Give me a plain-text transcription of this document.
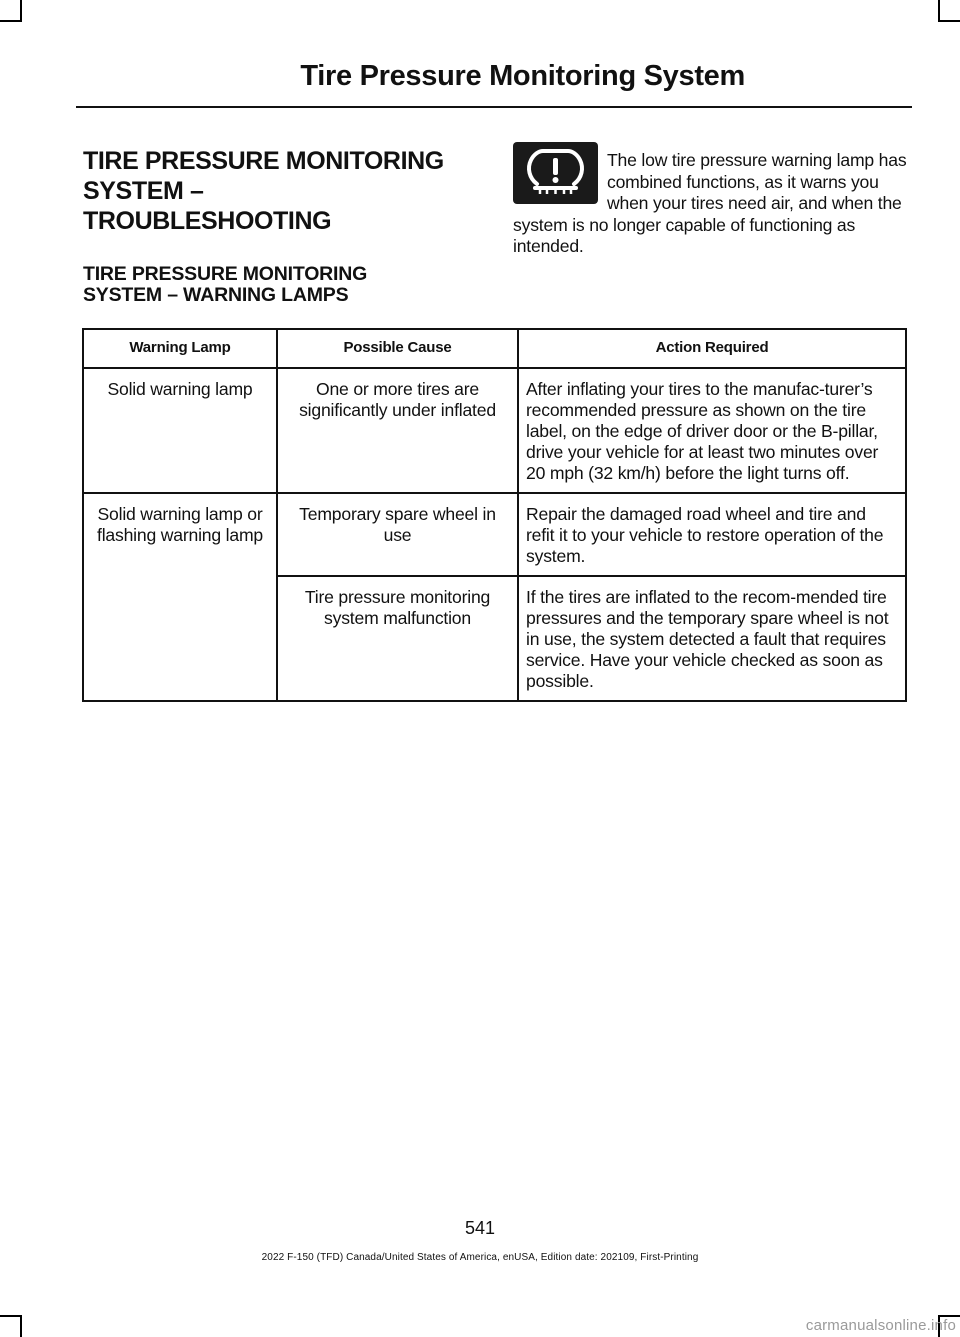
Tire Pressure Monitoring System
TIRE PRESSURE MONITORING
SYSTEM –
TROUBLESHOOTING
TIRE PRESSURE MONITORING
SYSTEM – WARNING LAMPS
The low tire pressure warning lamp has combined functions, as it warns you when your tires need air, and when the system is no longer capable of functioning as intended.
Warning Lamp	Possible Cause	Action Required
Solid warning lamp	One or more tires are significantly under inflated	After inflating your tires to the manufac-turer’s recommended pressure as shown on the tire label, on the edge of driver door or the B-pillar, drive your vehicle for at least two minutes over 20 mph (32 km/h) before the light turns off.
Solid warning lamp or flashing warning lamp	Temporary spare wheel in use	Repair the damaged road wheel and tire and refit it to your vehicle to restore operation of the system.
	Tire pressure monitoring system malfunction	If the tires are inflated to the recom-mended tire pressures and the temporary spare wheel is not in use, the system detected a fault that requires service. Have your vehicle checked as soon as possible.
541
2022 F-150 (TFD) Canada/United States of America, enUSA, Edition date: 202109, First-Printing
carmanualsonline.info
